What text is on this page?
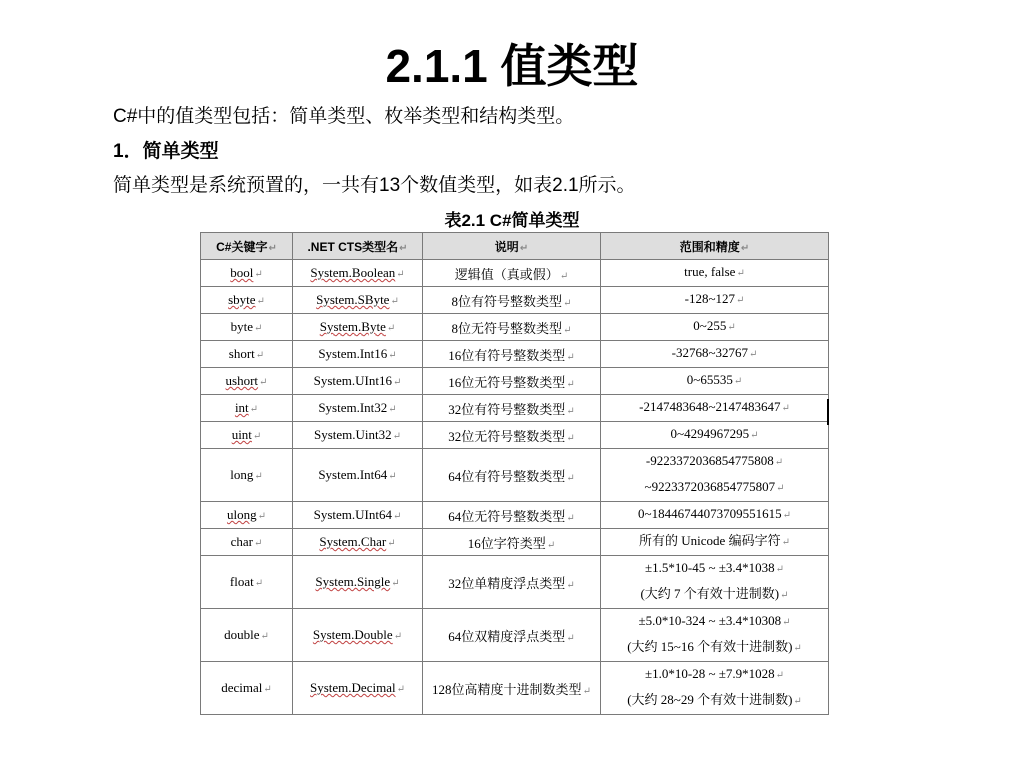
2.1.1 值类型
C#中的值类型包括：简单类型、枚举类型和结构类型。
1．简单类型
简单类型是系统预置的，一共有13个数值类型，如表2.1所示。
表2.1 C#简单类型
C#关键字↵	.NET CTS类型名↵	说明↵	范围和精度↵
bool↵	System.Boolean↵	逻辑值（真或假）↵	true, false↵

sbyte↵	System.SByte↵	8位有符号整数类型↵	-128~127↵

byte↵	System.Byte↵	8位无符号整数类型↵	0~255↵

short↵	System.Int16↵	16位有符号整数类型↵	-32768~32767↵

ushort↵	System.UInt16↵	16位无符号整数类型↵	0~65535↵

int↵	System.Int32↵	32位有符号整数类型↵	-2147483648~2147483647↵

uint↵	System.Uint32↵	32位无符号整数类型↵	0~4294967295↵

long↵	System.Int64↵	64位有符号整数类型↵	-9223372036854775808↵
~9223372036854775807↵

ulong↵	System.UInt64↵	64位无符号整数类型↵	0~18446744073709551615↵

char↵	System.Char↵	16位字符类型↵	所有的 Unicode 编码字符↵

float↵	System.Single↵	32位单精度浮点类型↵	±1.5*10-45 ~ ±3.4*1038↵
(大约 7 个有效十进制数)↵

double↵	System.Double↵	64位双精度浮点类型↵	±5.0*10-324 ~ ±3.4*10308↵
(大约 15~16 个有效十进制数)↵

decimal↵	System.Decimal↵	128位高精度十进制数类型↵	±1.0*10-28 ~ ±7.9*1028↵
(大约 28~29 个有效十进制数)↵
